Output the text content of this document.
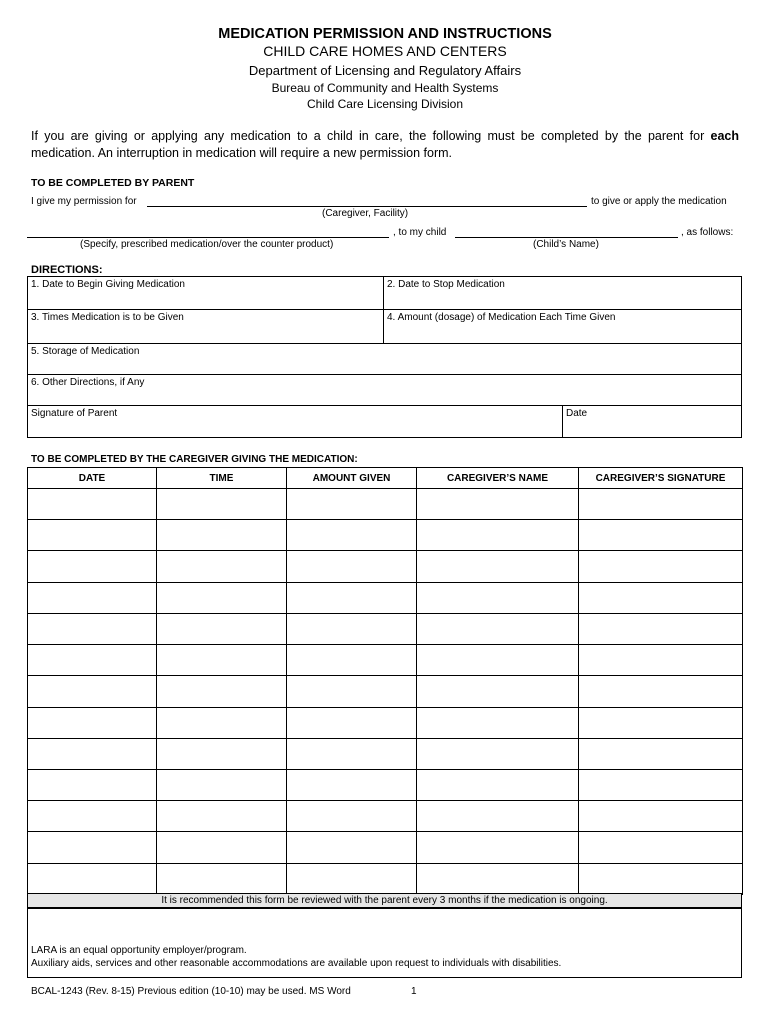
MEDICATION PERMISSION AND INSTRUCTIONS
CHILD CARE HOMES AND CENTERS
Department of Licensing and Regulatory Affairs
Bureau of Community and Health Systems
Child Care Licensing Division
If you are giving or applying any medication to a child in care, the following must be completed by the parent for each medication. An interruption in medication will require a new permission form.
TO BE COMPLETED BY PARENT
I give my permission for	to give or apply the medication
(Caregiver, Facility)
, to my child	, as follows:
(Specify, prescribed medication/over the counter product)	(Child’s Name)
DIRECTIONS:
1. Date to Begin Giving Medication	2. Date to Stop Medication
3. Times Medication is to be Given	4. Amount (dosage) of Medication Each Time Given
5. Storage of Medication
6. Other Directions, if Any
Signature of Parent	Date
TO BE COMPLETED BY THE CAREGIVER GIVING THE MEDICATION:
DATE	TIME	AMOUNT GIVEN	CAREGIVER’S NAME	CAREGIVER’S SIGNATURE

It is recommended this form be reviewed with the parent every 3 months if the medication is ongoing.
LARA is an equal opportunity employer/program.
Auxiliary aids, services and other reasonable accommodations are available upon request to individuals with disabilities.
BCAL-1243 (Rev. 8-15) Previous edition (10-10) may be used. MS Word	1
